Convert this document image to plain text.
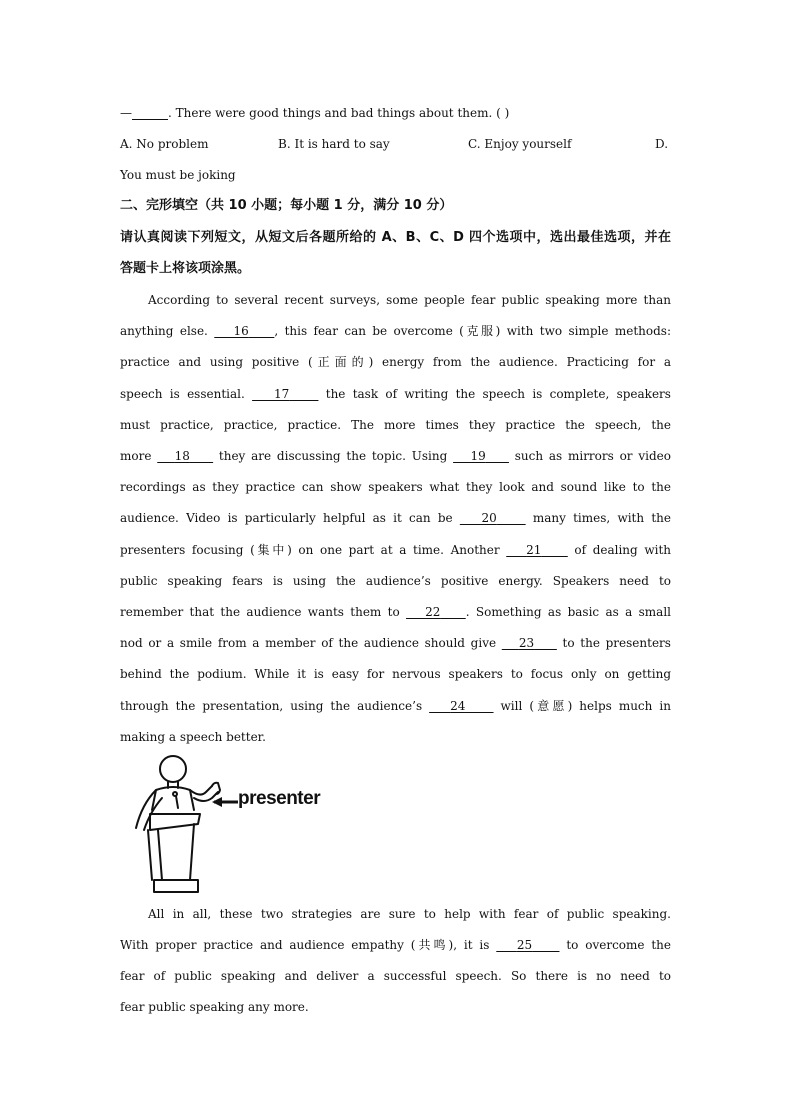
—______. There were good things and bad things about them. ( )
A. No problem	B. It is hard to say	C. Enjoy yourself	D.
You must be joking
二、完形填空（共 10 小题；每小题 1 分，满分 10 分）
请认真阅读下列短文，从短文后各题所给的 A、B、C、D 四个选项中，选出最佳选项，并在
答题卡上将该项涂黑。
According to several recent surveys, some people fear public speaking more than
anything else. 16 , this fear can be overcome (克服) with two simple methods:
practice and using positive (正面的) energy from the audience. Practicing for a
speech is essential. 17	the task of writing the speech is complete, speakers
must practice, practice, practice. The more times they practice the speech, the
more 18 they are discussing the topic. Using 19 such as mirrors or video
recordings as they practice can show speakers what they look and sound like to the
audience. Video is particularly helpful as it can be 20	many times, with the
presenters focusing (集中) on one part at a time. Another 21	of dealing with
public speaking fears is using the audience’s positive energy. Speakers need to
remember that the audience wants them to 22 . Something as basic as a small
nod or a smile from a member of the audience should give 23 to the presenters
behind the podium. While it is easy for nervous speakers to focus only on getting
through the presentation, using the audience’s 24	will (意愿) helps much in
making a speech better.
presenter
All in all, these two strategies are sure to help with fear of public speaking.
With proper practice and audience empathy (共鸣), it is 25	to overcome the
fear of public speaking and deliver a successful speech. So there is no need to
fear public speaking any more.
